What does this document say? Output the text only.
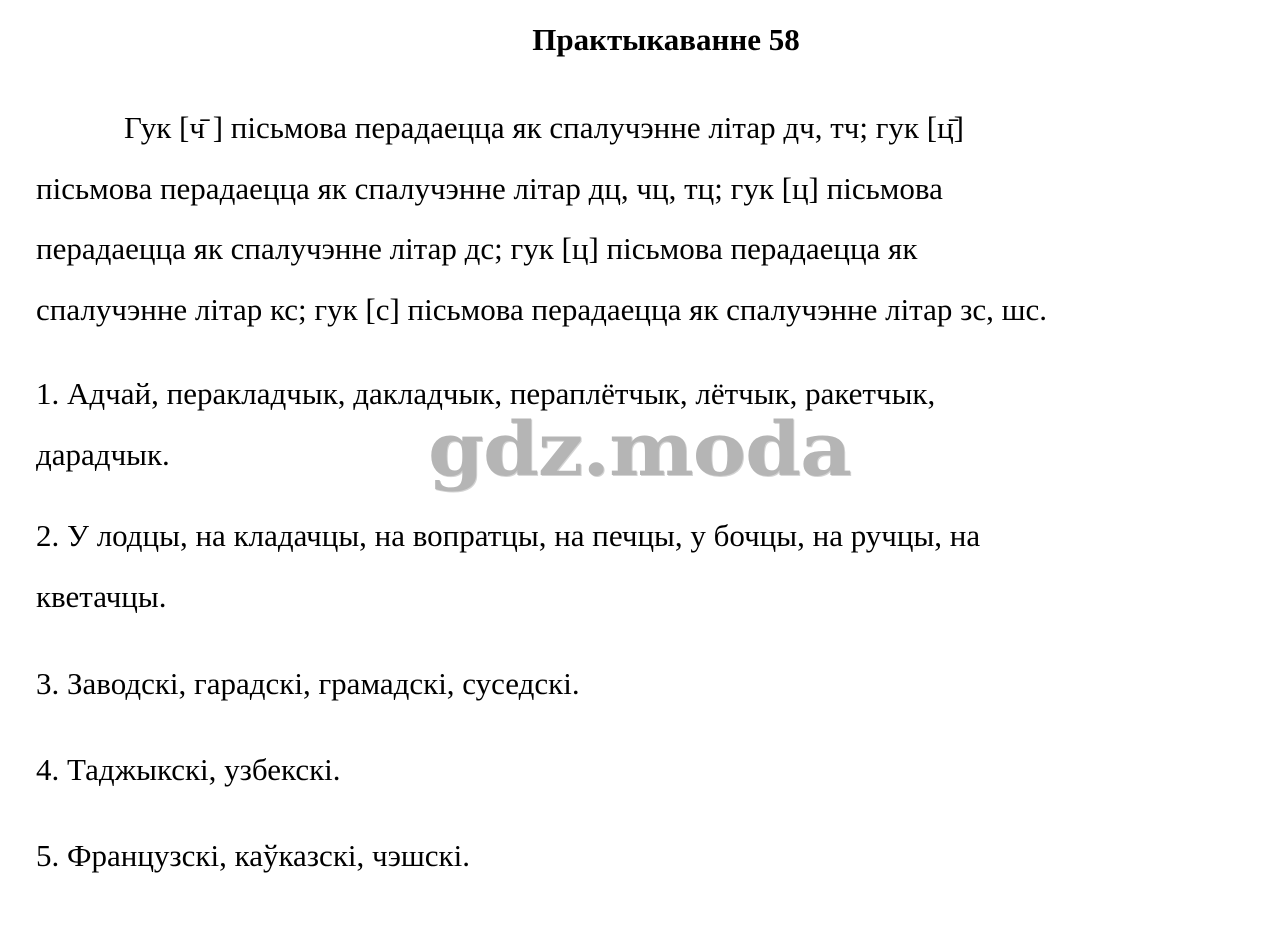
Практыкаванне 58
Гук [ч̄ ] пісьмова перадаецца як спалучэнне літар дч, тч; гук [ц̄]
пісьмова перадаецца як спалучэнне літар дц, чц, тц; гук [ц] пісьмова
перадаецца як спалучэнне літар дс; гук [ц] пісьмова перадаецца як
спалучэнне літар кс; гук [с] пісьмова перадаецца як спалучэнне літар зс, шс.
1. Адчай, перакладчык, дакладчык, пераплётчык, лётчык, ракетчык,
дарадчык.
2. У лодцы, на кладачцы, на вопратцы, на печцы, у бочцы, на ручцы, на
кветачцы.
3. Заводскі, гарадскі, грамадскі, суседскі.
4. Таджыкскі, узбекскі.
5. Французскі, каўказскі, чэшскі.
gdz.moda
